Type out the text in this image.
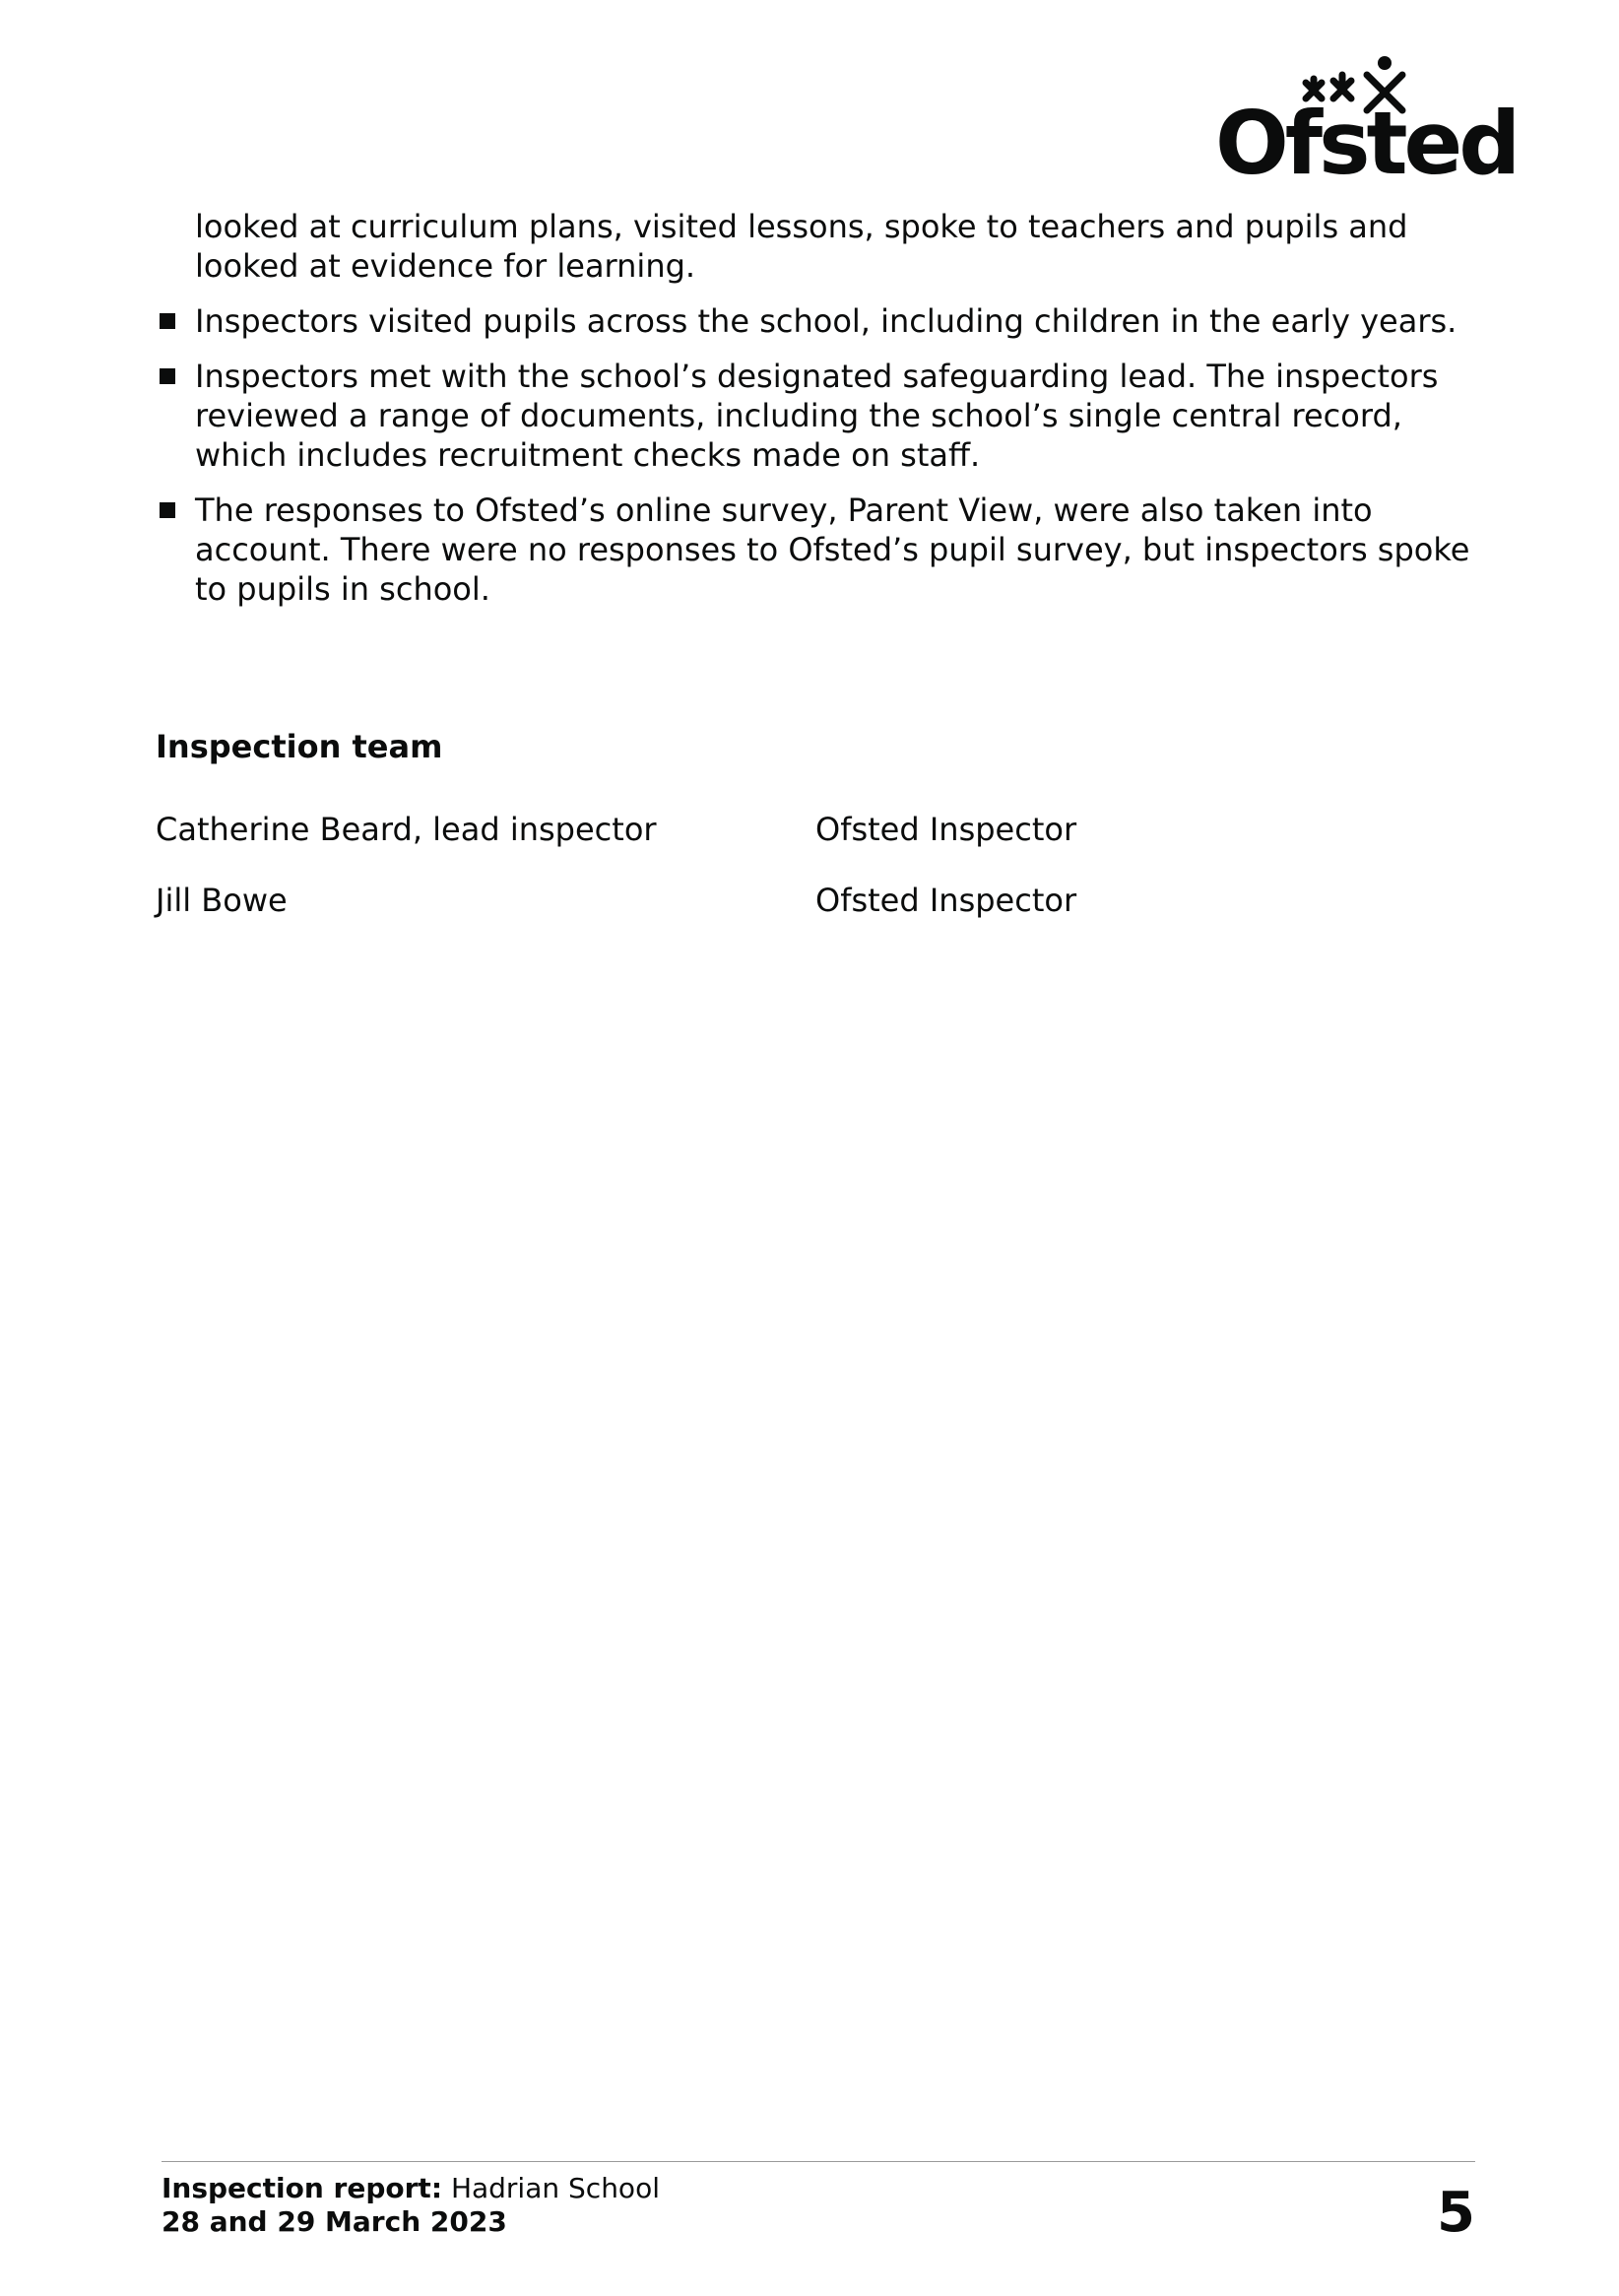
Ofsted

looked at curriculum plans, visited lessons, spoke to teachers and pupils and looked at evidence for learning.

Inspectors visited pupils across the school, including children in the early years.
Inspectors met with the school’s designated safeguarding lead. The inspectors reviewed a range of documents, including the school’s single central record, which includes recruitment checks made on staff.
The responses to Ofsted’s online survey, Parent View, were also taken into account. There were no responses to Ofsted’s pupil survey, but inspectors spoke to pupils in school.
Inspection team
Catherine Beard, lead inspector	Ofsted Inspector
Jill Bowe	Ofsted Inspector
Inspection report: Hadrian School
28 and 29 March 2023	5
